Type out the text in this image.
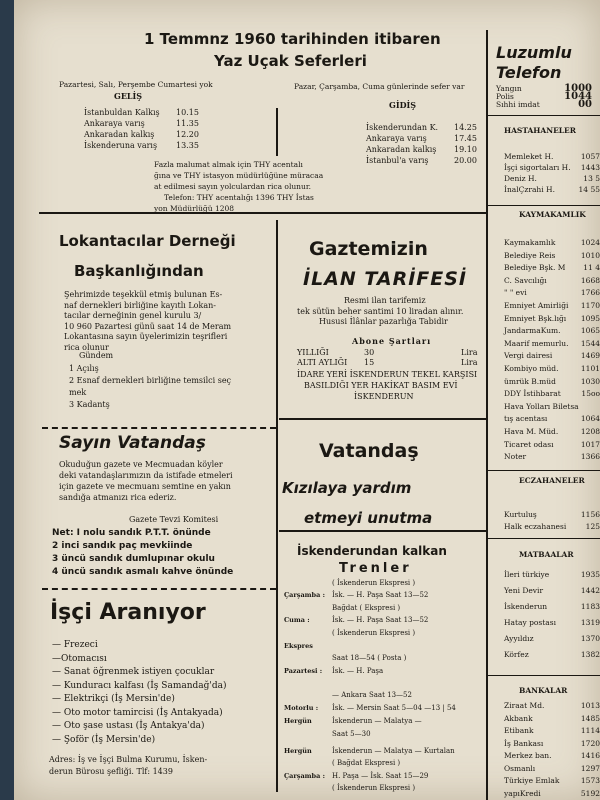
1 Temmnz 1960 tarihinden itibaren
Yaz Uçak Seferleri
Pazartesi, Salı, Perşembe Cumartesi yok	Pazar, Çarşamba, Cuma günlerinde sefer var
GELİŞ
GİDİŞ
İstanbuldan Kalkış 10.15
Ankaraya varış	11.35
Ankaradan kalkış	12.20
İskenderuna varış 13.35
İskenderundan K. 14.25
Ankaraya varış	17.45
Ankaradan kalkış 19.10
İstanbul'a varış	20.00
Fazla malumat almak için THY acentalı
ğına ve THY istasyon müdürlüğüne müracaa
at edilmesi sayın yolculardan rica olunur.
Telefon: THY acentalığı 1396 THY İstas
yon Müdürlüğü 1208
Luzumlu
Telefon
Yangın	1000
Polis	1044
Sıhhi imdat	00
HASTAHANELER
Memleket H.	1057
İşçi sigortaları H. 1443
Deniz H.	13 5
İnalÇzrahi H.	14 55
KAYMAKAMLIK
Kaymakamlık	1024
Belediye Reis	1010
Belediye Bşk. M 11 4
C. Savcılığı	1668
" " evi	1766
Emniyet Amirliği 1170
Emniyet Bşk.lığı 1095
JandarmaKum.	1065
Maarif memurlu. 1544
Vergi dairesi	1469
Kombiyo müd.	1101
ümrük B.müd	1030
DDY İstihbarat	15oo
Hava Yolları Biletsa
tış acentası	1064
Hava M. Müd.	1208
Ticaret odası	1017
Noter	1366
ECZAHANELER
Kurtuluş	1156
Halk eczahanesi	125
MATBAALAR
İleri türkiye	1935
Yeni Devir	1442
İskenderun	1183
Hatay postası	1319
Ayyıldız	1370
Körfez	1382
BANKALAR
Ziraat Md.	1013
Akbank	1485
Etibank	1114
İş Bankası	1720
Merkez ban.	1416
Osmanlı	1297
Türkiye Emlak	1573
yapıKredi	5192
Lokantacılar Derneği
Başkanlığından
Şehrimizde teşekkül etmiş bulunan Es-
naf dernekleri birliğine kayıtlı Lokan-
tacılar derneğinin genel kurulu 3/
10 960 Pazartesi günü saat 14 de Meram
Lokantasına sayın üyelerimizin teşrifleri
rica olunur
Gündem
1 Açılış
2 Esnaf dernekleri birliğine temsilci seç
mek
3 Kadantş
Gaztemizin
İLAN TARİFESİ
Resmi ilan tarifemiz
tek sütün beher santimi 10 liradan alınır.
Hususi İlânlar pazarlığa Tabidir
Abone Şartları
YILLIĞI	30	Lira
ALTI AYLIĞI 15	Lira
İDARE YERİ İSKENDERUN TEKEL KARŞISI
BASILDIĞI YER HAKİKAT BASIM EVİ
İSKENDERUN
Sayın Vatandaş
Okuduğun gazete ve Mecmuadan köyler
deki vatandaşlarımızın da istifade etmeleri
için gazete ve mecmuanı semtine en yakın
sandığa atmanızı rica ederiz.
Gazete Tevzi Komitesi
Net: I nolu sandık P.T.T. önünde
2 inci sandık paç mevkiinde
3 üncü sandık dumlupınar okulu
4 üncü sandık asmalı kahve önünde
Vatandaş
Kızılaya yardım
etmeyi unutma
İskenderundan kalkan
Trenler
( İskenderun Ekspresi )
Çarşamba : İsk. — H. Paşa Saat 13—52
Bağdat ( Ekspresi )
Cuma :	İsk. — H. Paşa Saat 13—52
( İskenderun Ekspresi )
Ekspres
Saat 18—54 ( Posta )
Pazartesi : İsk. — H. Paşa
— Ankara Saat 13—52
Motorlu : İsk. — Mersin Saat 5—04 —13 | 54
Hergün	İskenderun — Malatya —
Saat 5—30
Hergün	İskenderun — Malatya — Kurtalan
( Bağdat Ekspresi )
Çarşamba : H. Paşa — İsk. Saat 15—29
( İskenderun Ekspresi )
İşçi Aranıyor
— Frezeci
—Otomacısı
— Sanat öğrenmek istiyen çocuklar
— Kunduracı kalfası (İş Samandağ'da)
— Elektrikçi (İş Mersin'de)
— Oto motor tamircisi (İş Antakyada)
— Oto şase ustası (İş Antakya'da)
— Şoför (İş Mersin'de)
Adres: İş ve İşçi Bulma Kurumu, İsken-
derun Bürosu şefliği. Tlf: 1439
